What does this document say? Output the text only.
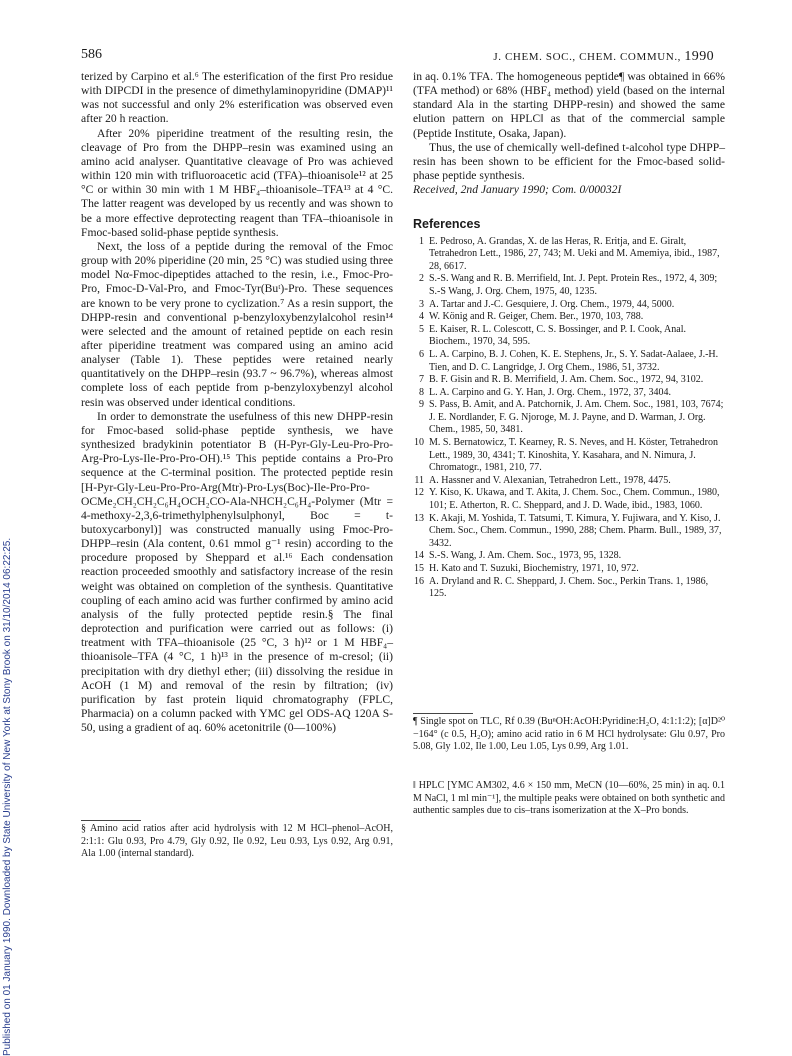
Published on 01 January 1990. Downloaded by State University of New York at Stony Brook on 31/10/2014 06:22:25.
586	J. CHEM. SOC., CHEM. COMMUN., 1990

terized by Carpino et al.⁶ The esterification of the first Pro residue with DIPCDI in the presence of dimethylaminopyridine (DMAP)¹¹ was not successful and only 2% esterification was observed even after 20 h reaction.

After 20% piperidine treatment of the resulting resin, the cleavage of Pro from the DHPP–resin was examined using an amino acid analyser. Quantitative cleavage of Pro was achieved within 120 min with trifluoroacetic acid (TFA)–thioanisole¹² at 25 °C or within 30 min with 1 M HBF₄–thioanisole–TFA¹³ at 4 °C. The latter reagent was developed by us recently and was shown to be a more effective deprotecting reagent than TFA–thioanisole in Fmoc-based solid-phase peptide synthesis.

Next, the loss of a peptide during the removal of the Fmoc group with 20% piperidine (20 min, 25 °C) was studied using three model Nα-Fmoc-dipeptides attached to the resin, i.e., Fmoc-Pro-Pro, Fmoc-D-Val-Pro, and Fmoc-Tyr(Buᵗ)-Pro. These sequences are known to be very prone to cyclization.⁷ As a resin support, the DHPP-resin and conventional p-benzyloxybenzylalcohol resin¹⁴ were selected and the amount of retained peptide on each resin after piperidine treatment was compared using an amino acid analyser (Table 1). These peptides were retained nearly quantitatively on the DHPP–resin (93.7 ~ 96.7%), whereas almost complete loss of each peptide from p-benzyloxybenzyl alcohol resin was observed under identical conditions.

In order to demonstrate the usefulness of this new DHPP-resin for Fmoc-based solid-phase peptide synthesis, we have synthesized bradykinin potentiator B (H-Pyr-Gly-Leu-Pro-Pro-Arg-Pro-Lys-Ile-Pro-Pro-OH).¹⁵ This peptide contains a Pro-Pro sequence at the C-terminal position. The protected peptide resin [H-Pyr-Gly-Leu-Pro-Pro-Arg(Mtr)-Pro-Lys(Boc)-Ile-Pro-Pro-OCMe₂CH₂CH₂C₆H₄OCH₂CO-Ala-NHCH₂C₆H₄-Polymer (Mtr = 4-methoxy-2,3,6-trimethylphenylsulphonyl, Boc = t-butoxycarbonyl)] was constructed manually using Fmoc-Pro-DHPP–resin (Ala content, 0.61 mmol g⁻¹ resin) according to the procedure proposed by Sheppard et al.¹⁶ Each condensation reaction proceeded smoothly and satisfactory increase of the resin weight was obtained on completion of the synthesis. Quantitative coupling of each amino acid was further confirmed by amino acid analysis of the fully protected peptide resin.§ The final deprotection and purification were carried out as follows: (i) treatment with TFA–thioanisole (25 °C, 3 h)¹² or 1 M HBF₄–thioanisole–TFA (4 °C, 1 h)¹³ in the presence of m-cresol; (ii) precipitation with dry diethyl ether; (iii) dissolving the residue in AcOH (1 M) and removal of the resin by filtration; (iv) purification by fast protein liquid chromatography (FPLC, Pharmacia) on a column packed with YMC gel ODS-AQ 120A S-50, using a gradient of aq. 60% acetonitrile (0—100%)

§ Amino acid ratios after acid hydrolysis with 12 M HCl–phenol–AcOH, 2:1:1: Glu 0.93, Pro 4.79, Gly 0.92, Ile 0.92, Leu 0.93, Lys 0.92, Arg 0.91, Ala 1.00 (internal standard).

in aq. 0.1% TFA. The homogeneous peptide¶ was obtained in 66% (TFA method) or 68% (HBF₄ method) yield (based on the internal standard Ala in the starting DHPP-resin) and showed the same elution pattern on HPLC‖ as that of the commercial sample (Peptide Institute, Osaka, Japan).

Thus, the use of chemically well-defined t-alcohol type DHPP–resin has been shown to be efficient for the Fmoc-based solid-phase peptide synthesis.

Received, 2nd January 1990; Com. 0/00032I

References
1 E. Pedroso, A. Grandas, X. de las Heras, R. Eritja, and E. Giralt, Tetrahedron Lett., 1986, 27, 743; M. Ueki and M. Amemiya, ibid., 1987, 28, 6617.
2 S.-S. Wang and R. B. Merrifield, Int. J. Pept. Protein Res., 1972, 4, 309; S.-S Wang, J. Org. Chem, 1975, 40, 1235.
3 A. Tartar and J.-C. Gesquiere, J. Org. Chem., 1979, 44, 5000.
4 W. König and R. Geiger, Chem. Ber., 1970, 103, 788.
5 E. Kaiser, R. L. Colescott, C. S. Bossinger, and P. I. Cook, Anal. Biochem., 1970, 34, 595.
6 L. A. Carpino, B. J. Cohen, K. E. Stephens, Jr., S. Y. Sadat-Aalaee, J.-H. Tien, and D. C. Langridge, J. Org Chem., 1986, 51, 3732.
7 B. F. Gisin and R. B. Merrifield, J. Am. Chem. Soc., 1972, 94, 3102.
8 L. A. Carpino and G. Y. Han, J. Org. Chem., 1972, 37, 3404.
9 S. Pass, B. Amit, and A. Patchornik, J. Am. Chem. Soc., 1981, 103, 7674; J. E. Nordlander, F. G. Njoroge, M. J. Payne, and D. Warman, J. Org. Chem., 1985, 50, 3481.
10 M. S. Bernatowicz, T. Kearney, R. S. Neves, and H. Köster, Tetrahedron Lett., 1989, 30, 4341; T. Kinoshita, Y. Kasahara, and N. Nimura, J. Chromatogr., 1981, 210, 77.
11 A. Hassner and V. Alexanian, Tetrahedron Lett., 1978, 4475.
12 Y. Kiso, K. Ukawa, and T. Akita, J. Chem. Soc., Chem. Commun., 1980, 101; E. Atherton, R. C. Sheppard, and J. D. Wade, ibid., 1983, 1060.
13 K. Akaji, M. Yoshida, T. Tatsumi, T. Kimura, Y. Fujiwara, and Y. Kiso, J. Chem. Soc., Chem. Commun., 1990, 288; Chem. Pharm. Bull., 1989, 37, 3432.
14 S.-S. Wang, J. Am. Chem. Soc., 1973, 95, 1328.
15 H. Kato and T. Suzuki, Biochemistry, 1971, 10, 972.
16 A. Dryland and R. C. Sheppard, J. Chem. Soc., Perkin Trans. 1, 1986, 125.
¶ Single spot on TLC, Rf 0.39 (BuⁿOH:AcOH:Pyridine:H₂O, 4:1:1:2); [α]D²⁰ −164° (c 0.5, H₂O); amino acid ratio in 6 M HCl hydrolysate: Glu 0.97, Pro 5.08, Gly 1.02, Ile 1.00, Leu 1.05, Lys 0.99, Arg 1.01.
‖ HPLC [YMC AM302, 4.6 × 150 mm, MeCN (10—60%, 25 min) in aq. 0.1 M NaCl, 1 ml min⁻¹], the multiple peaks were obtained on both synthetic and authentic samples due to cis–trans isomerization at the X–Pro bonds.
